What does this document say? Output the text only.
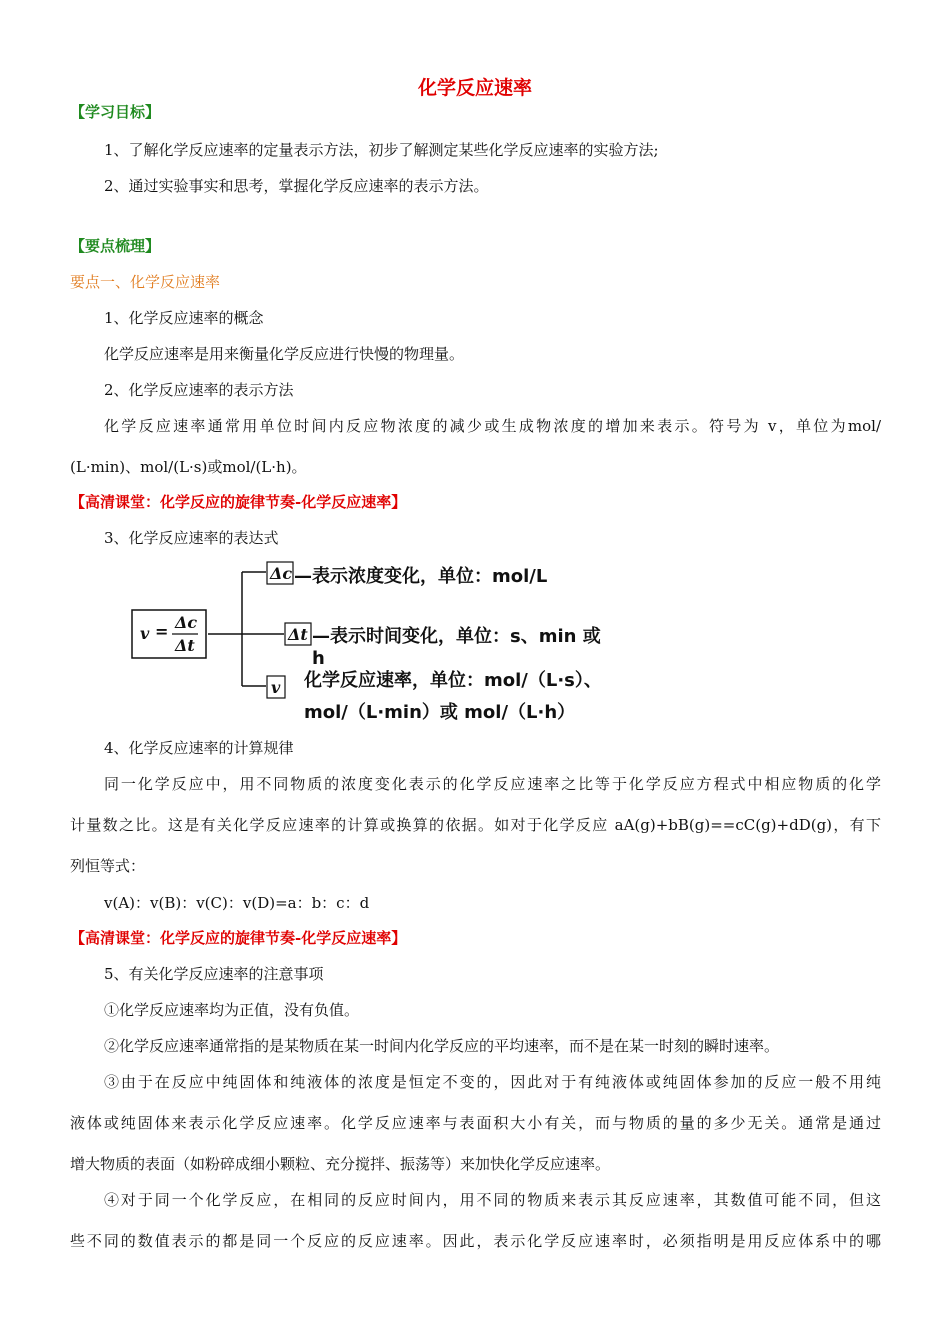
化学反应速率
【学习目标】
1、了解化学反应速率的定量表示方法，初步了解测定某些化学反应速率的实验方法;
2、通过实验事实和思考，掌握化学反应速率的表示方法。
【要点梳理】
要点一、化学反应速率
1、化学反应速率的概念
化学反应速率是用来衡量化学反应进行快慢的物理量。
2、化学反应速率的表示方法
化学反应速率通常用单位时间内反应物浓度的减少或生成物浓度的增加来表示。符号为 v，单位为mol/
(L·min)、mol/(L·s)或mol/(L·h)。
【高清课堂：化学反应的旋律节奏-化学反应速率】
3、化学反应速率的表达式
v = Δc
Δt
Δc —表示浓度变化，单位：mol/L
Δt —表示时间变化，单位：s、min 或 h
v 化学反应速率，单位：mol/（L·s）、
mol/（L·min）或 mol/（L·h）
4、化学反应速率的计算规律
同一化学反应中，用不同物质的浓度变化表示的化学反应速率之比等于化学反应方程式中相应物质的化学
计量数之比。这是有关化学反应速率的计算或换算的依据。如对于化学反应 aA(g)+bB(g)==cC(g)+dD(g)，有下
列恒等式：
v(A)：v(B)：v(C)：v(D)=a：b：c：d
【高清课堂：化学反应的旋律节奏-化学反应速率】
5、有关化学反应速率的注意事项
①化学反应速率均为正值，没有负值。
②化学反应速率通常指的是某物质在某一时间内化学反应的平均速率，而不是在某一时刻的瞬时速率。
③由于在反应中纯固体和纯液体的浓度是恒定不变的，因此对于有纯液体或纯固体参加的反应一般不用纯
液体或纯固体来表示化学反应速率。化学反应速率与表面积大小有关，而与物质的量的多少无关。通常是通过
增大物质的表面（如粉碎成细小颗粒、充分搅拌、振荡等）来加快化学反应速率。
④对于同一个化学反应，在相同的反应时间内，用不同的物质来表示其反应速率，其数值可能不同，但这
些不同的数值表示的都是同一个反应的反应速率。因此，表示化学反应速率时，必须指明是用反应体系中的哪
